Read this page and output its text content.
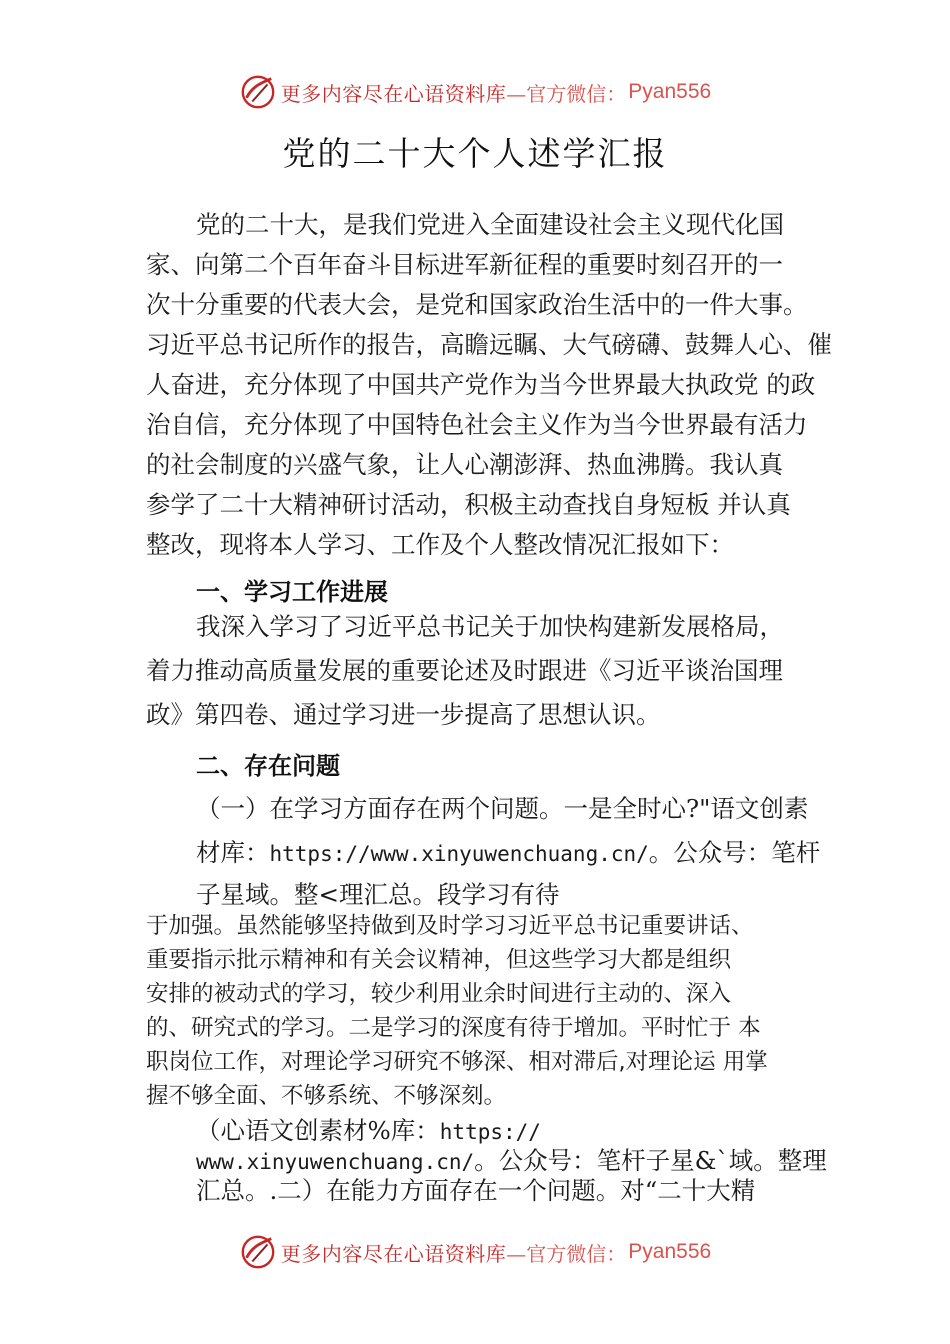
更多内容尽在心语资料库 —官方微信： Pyan556
党的二十大个人述学汇报
党的二十大，是我们党进入全面建设社会主义现代化国
家、向第二个百年奋斗目标进军新征程的重要时刻召开的一
次十分重要的代表大会，是党和国家政治生活中的一件大事。
习近平总书记所作的报告，高瞻远瞩、大气磅礴、鼓舞人心、催
人奋进，充分体现了中国共产党作为当今世界最大执政党 的政
治自信，充分体现了中国特色社会主义作为当今世界最有活力
的社会制度的兴盛气象，让人心潮澎湃、热血沸腾。我认真
参学了二十大精神研讨活动，积极主动查找自身短板 并认真
整改，现将本人学习、工作及个人整改情况汇报如下：
一、学习工作进展
我深入学习了习近平总书记关于加快构建新发展格局，
着力推动高质量发展的重要论述及时跟进《习近平谈治国理
政》第四卷、通过学习进一步提高了思想认识。
二、存在问题
（一）在学习方面存在两个问题。一是全时心?"语文创素
材库：https://www.xinyuwenchuang.cn/。公众号：笔杆
子星域。整<理汇总。段学习有待
于加强。虽然能够坚持做到及时学习习近平总书记重要讲话、
重要指示批示精神和有关会议精神，但这些学习大都是组织
安排的被动式的学习，较少利用业余时间进行主动的、深入
的、研究式的学习。二是学习的深度有待于增加。平时忙于 本
职岗位工作，对理论学习研究不够深、相对滞后,对理论运 用掌
握不够全面、不够系统、不够深刻。
（心语文创素材%库：https://
www.xinyuwenchuang.cn/。公众号：笔杆子星&`域。整理
汇总。.二）在能力方面存在一个问题。对“二十大精
更多内容尽在心语资料库 —官方微信： Pyan556
